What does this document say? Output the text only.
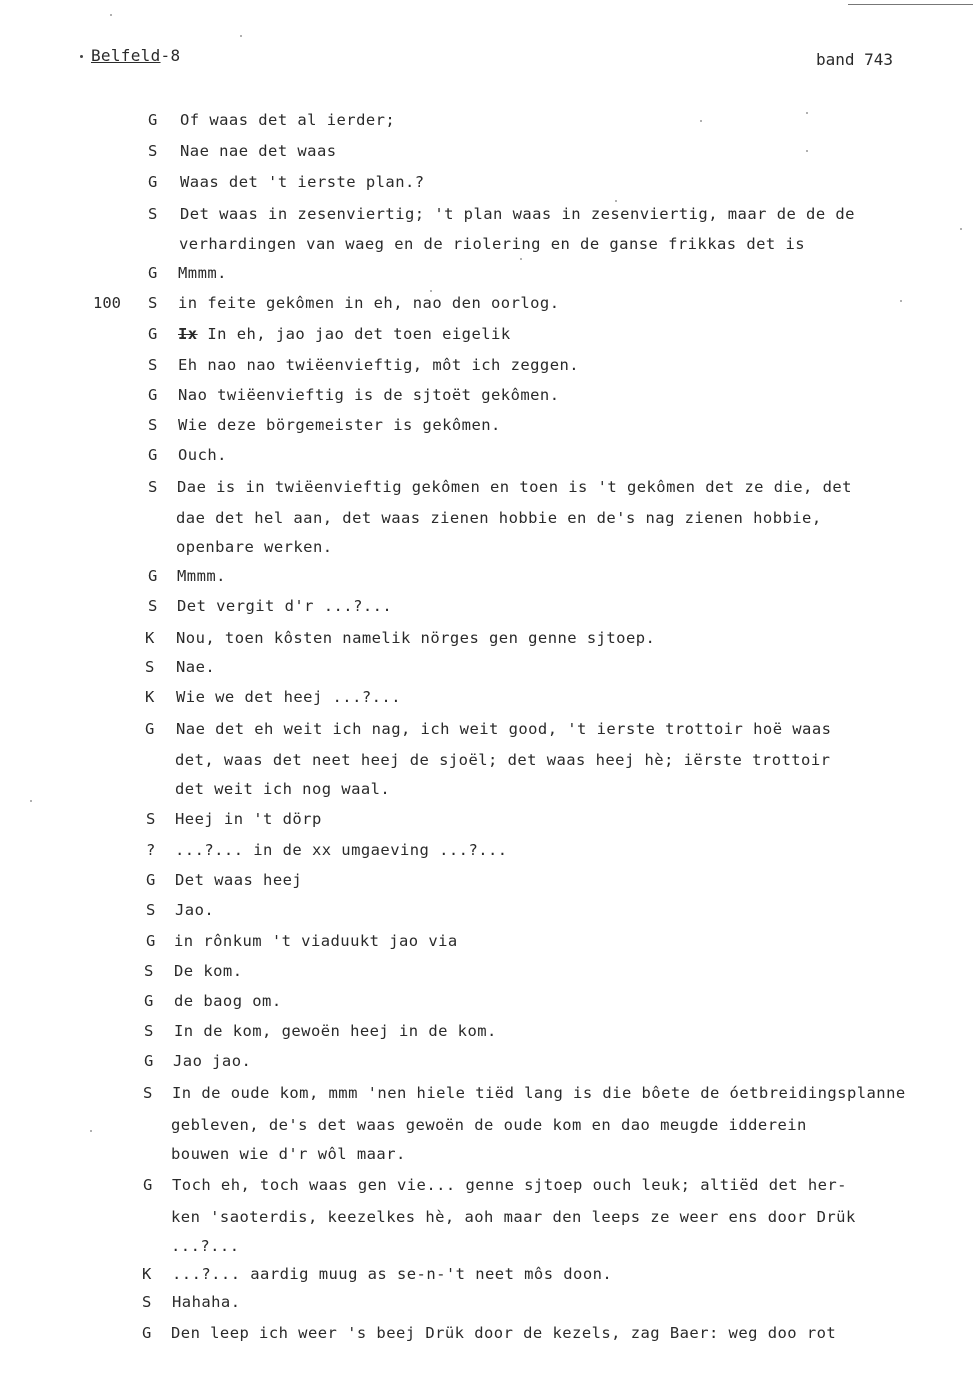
Belfeld-8	band 743
G Of waas det al ierder;
S Nae nae det waas
G Waas det 't ierste plan.?
S Det waas in zesenviertig; 't plan waas in zesenviertig, maar de de de
verhardingen van waeg en de riolering en de ganse frikkas det is
G Mmmm.
S
100	in feite gekômen in eh, nao den oorlog.
G Ix In eh, jao jao det toen eigelik
S Eh nao nao twiëenvieftig, môt ich zeggen.
G Nao twiëenvieftig is de sjtoët gekômen.
S Wie deze börgemeister is gekômen.
G Ouch.
S Dae is in twiëenvieftig gekômen en toen is 't gekômen det ze die, det
dae det hel aan, det waas zienen hobbie en de's nag zienen hobbie,
openbare werken.
G Mmmm.
S Det vergit d'r ...?...
K Nou, toen kôsten namelik nörges gen genne sjtoep.
S Nae.
K Wie we det heej ...?...
G Nae det eh weit ich nag, ich weit good, 't ierste trottoir hoë waas
det, waas det neet heej de sjoël; det waas heej hè; iërste trottoir
det weit ich nog waal.
S Heej in 't dörp
? ...?... in de xx umgaeving ...?...
G Det waas heej
S Jao.
G in rônkum 't viaduukt jao via
S De kom.
G de baog om.
S In de kom, gewoën heej in de kom.
G Jao jao.
S In de oude kom, mmm 'nen hiele tiëd lang is die bôete de óetbreidingsplanne
gebleven, de's det waas gewoën de oude kom en dao meugde idderein
bouwen wie d'r wôl maar.
G Toch eh, toch waas gen vie... genne sjtoep ouch leuk; altiëd det her-
ken 'saoterdis, keezelkes hè, aoh maar den leeps ze weer ens door Drük
...?...
K ...?... aardig muug as se-n-'t neet môs doon.
S Hahaha.
G Den leep ich weer 's beej Drük door de kezels, zag Baer: weg doo rot
